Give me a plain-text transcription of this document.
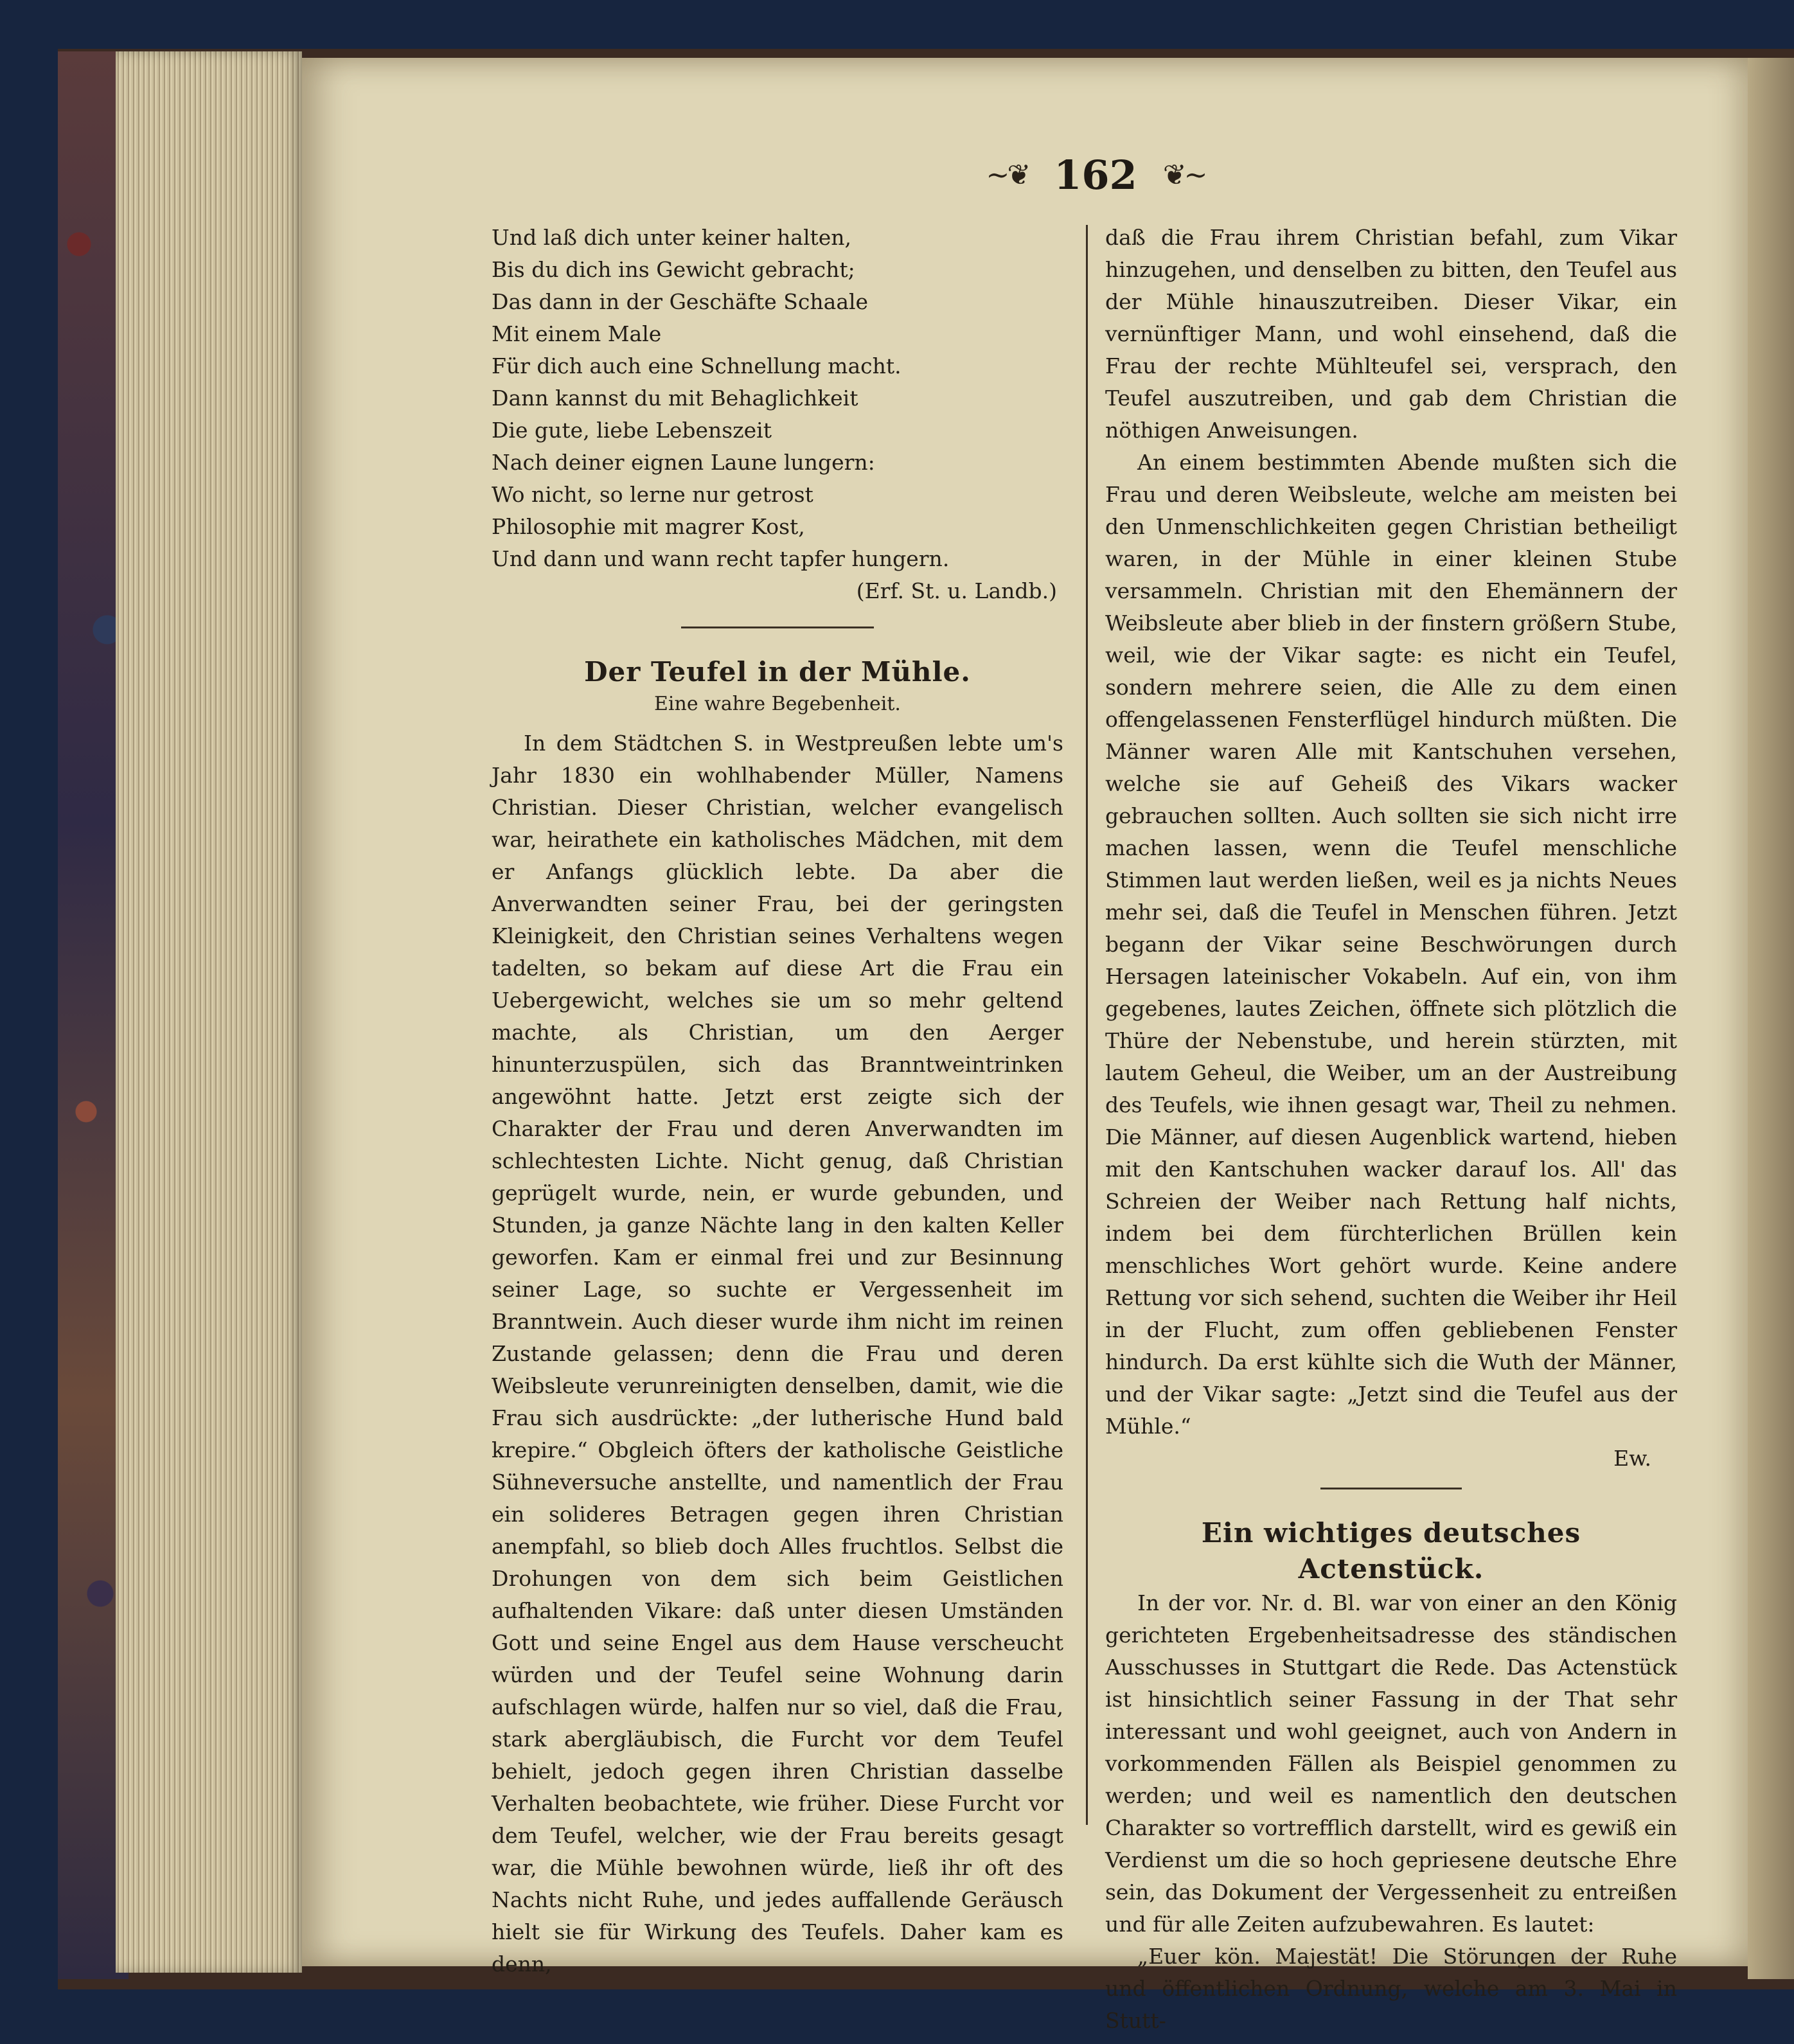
~❦ 162 ❦~

Und laß dich unter keiner halten,

Bis du dich ins Gewicht gebracht;

Das dann in der Geschäfte Schaale

Mit einem Male

Für dich auch eine Schnellung macht.

Dann kannst du mit Behaglichkeit

Die gute, liebe Lebenszeit

Nach deiner eignen Laune lungern:

Wo nicht, so lerne nur getrost

Philosophie mit magrer Kost,

Und dann und wann recht tapfer hungern.

(Erf. St. u. Landb.)

Der Teufel in der Mühle.

Eine wahre Begebenheit.

In dem Städtchen S. in Westpreußen lebte um's Jahr 1830 ein wohlhabender Müller, Namens Christian. Dieser Christian, welcher evangelisch war, heirathete ein katholisches Mädchen, mit dem er Anfangs glücklich lebte. Da aber die Anverwandten seiner Frau, bei der geringsten Kleinigkeit, den Christian seines Verhaltens wegen tadelten, so bekam auf diese Art die Frau ein Uebergewicht, welches sie um so mehr geltend machte, als Christian, um den Aerger hinunterzuspülen, sich das Branntweintrinken angewöhnt hatte. Jetzt erst zeigte sich der Charakter der Frau und deren Anverwandten im schlechtesten Lichte. Nicht genug, daß Christian geprügelt wurde, nein, er wurde gebunden, und Stunden, ja ganze Nächte lang in den kalten Keller geworfen. Kam er einmal frei und zur Besinnung seiner Lage, so suchte er Vergessenheit im Branntwein. Auch dieser wurde ihm nicht im reinen Zustande gelassen; denn die Frau und deren Weibsleute verunreinigten denselben, damit, wie die Frau sich ausdrückte: „der lutherische Hund bald krepire.“ Obgleich öfters der katholische Geistliche Sühneversuche anstellte, und namentlich der Frau ein solideres Betragen gegen ihren Christian anempfahl, so blieb doch Alles fruchtlos. Selbst die Drohungen von dem sich beim Geistlichen aufhaltenden Vikare: daß unter diesen Umständen Gott und seine Engel aus dem Hause verscheucht würden und der Teufel seine Wohnung darin aufschlagen würde, halfen nur so viel, daß die Frau, stark abergläubisch, die Furcht vor dem Teufel behielt, jedoch gegen ihren Christian dasselbe Verhalten beobachtete, wie früher. Diese Furcht vor dem Teufel, welcher, wie der Frau bereits gesagt war, die Mühle bewohnen würde, ließ ihr oft des Nachts nicht Ruhe, und jedes auffallende Geräusch hielt sie für Wirkung des Teufels. Daher kam es denn,

daß die Frau ihrem Christian befahl, zum Vikar hinzugehen, und denselben zu bitten, den Teufel aus der Mühle hinauszutreiben. Dieser Vikar, ein vernünftiger Mann, und wohl einsehend, daß die Frau der rechte Mühlteufel sei, versprach, den Teufel auszutreiben, und gab dem Christian die nöthigen Anweisungen.

An einem bestimmten Abende mußten sich die Frau und deren Weibsleute, welche am meisten bei den Unmenschlichkeiten gegen Christian betheiligt waren, in der Mühle in einer kleinen Stube versammeln. Christian mit den Ehemännern der Weibsleute aber blieb in der finstern größern Stube, weil, wie der Vikar sagte: es nicht ein Teufel, sondern mehrere seien, die Alle zu dem einen offengelassenen Fensterflügel hindurch müßten. Die Männer waren Alle mit Kantschuhen versehen, welche sie auf Geheiß des Vikars wacker gebrauchen sollten. Auch sollten sie sich nicht irre machen lassen, wenn die Teufel menschliche Stimmen laut werden ließen, weil es ja nichts Neues mehr sei, daß die Teufel in Menschen führen. Jetzt begann der Vikar seine Beschwörungen durch Hersagen lateinischer Vokabeln. Auf ein, von ihm gegebenes, lautes Zeichen, öffnete sich plötzlich die Thüre der Nebenstube, und herein stürzten, mit lautem Geheul, die Weiber, um an der Austreibung des Teufels, wie ihnen gesagt war, Theil zu nehmen. Die Männer, auf diesen Augenblick wartend, hieben mit den Kantschuhen wacker darauf los. All' das Schreien der Weiber nach Rettung half nichts, indem bei dem fürchterlichen Brüllen kein menschliches Wort gehört wurde. Keine andere Rettung vor sich sehend, suchten die Weiber ihr Heil in der Flucht, zum offen gebliebenen Fenster hindurch. Da erst kühlte sich die Wuth der Männer, und der Vikar sagte: „Jetzt sind die Teufel aus der Mühle.“

Ew.

Ein wichtiges deutsches Actenstück.

In der vor. Nr. d. Bl. war von einer an den König gerichteten Ergebenheitsadresse des ständischen Ausschusses in Stuttgart die Rede. Das Actenstück ist hinsichtlich seiner Fassung in der That sehr interessant und wohl geeignet, auch von Andern in vorkommenden Fällen als Beispiel genommen zu werden; und weil es namentlich den deutschen Charakter so vortrefflich darstellt, wird es gewiß ein Verdienst um die so hoch gepriesene deutsche Ehre sein, das Dokument der Vergessenheit zu entreißen und für alle Zeiten aufzubewahren. Es lautet:

„Euer kön. Majestät! Die Störungen der Ruhe und öffentlichen Ordnung, welche am 3. Mai in Stutt-
